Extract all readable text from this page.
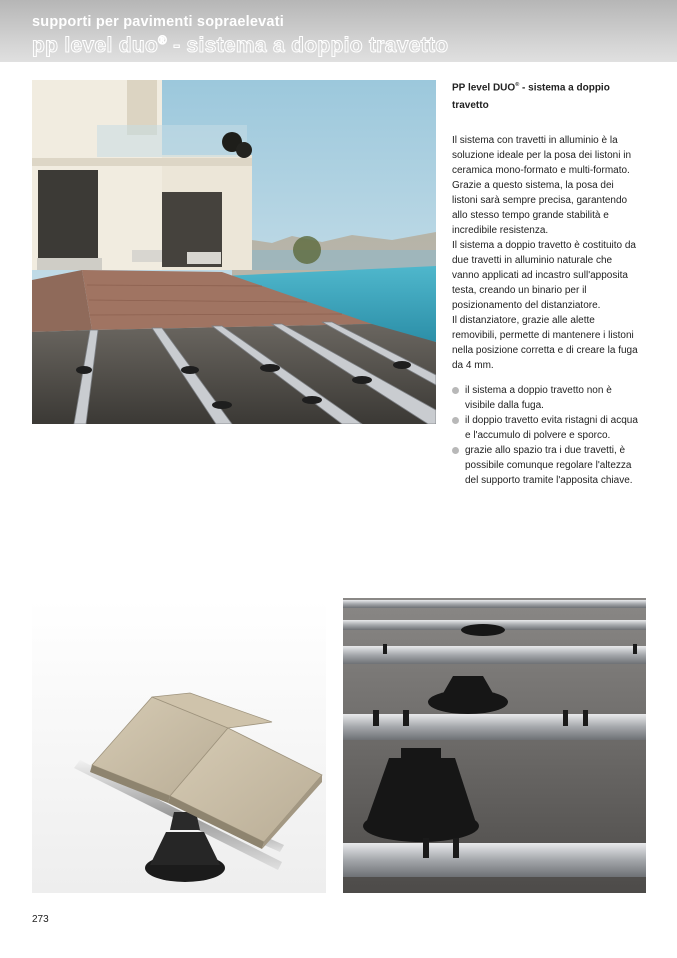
supporti per pavimenti sopraelevati
pp level duo® - sistema a doppio travetto

PP level DUO® - sistema a doppio travetto

Il sistema con travetti in alluminio è la soluzione ideale per la posa dei listoni in ceramica mono-formato e multi-formato. Grazie a questo sistema, la posa dei listoni sarà sempre precisa, garantendo allo stesso tempo grande stabilità e incredibile resistenza.

Il sistema a doppio travetto è costituito da due travetti in alluminio naturale che vanno applicati ad incastro sull'apposita testa, creando un binario per il posizionamento del distanziatore.

Il distanziatore, grazie alle alette removibili, permette di mantenere i listoni nella posizione corretta e di creare la fuga da 4 mm.

il sistema a doppio travetto non è visibile dalla fuga.
il doppio travetto evita ristagni di acqua e l'accumulo di polvere e sporco.
grazie allo spazio tra i due travetti, è possibile comunque regolare l'altezza del supporto tramite l'apposita chiave.
273
